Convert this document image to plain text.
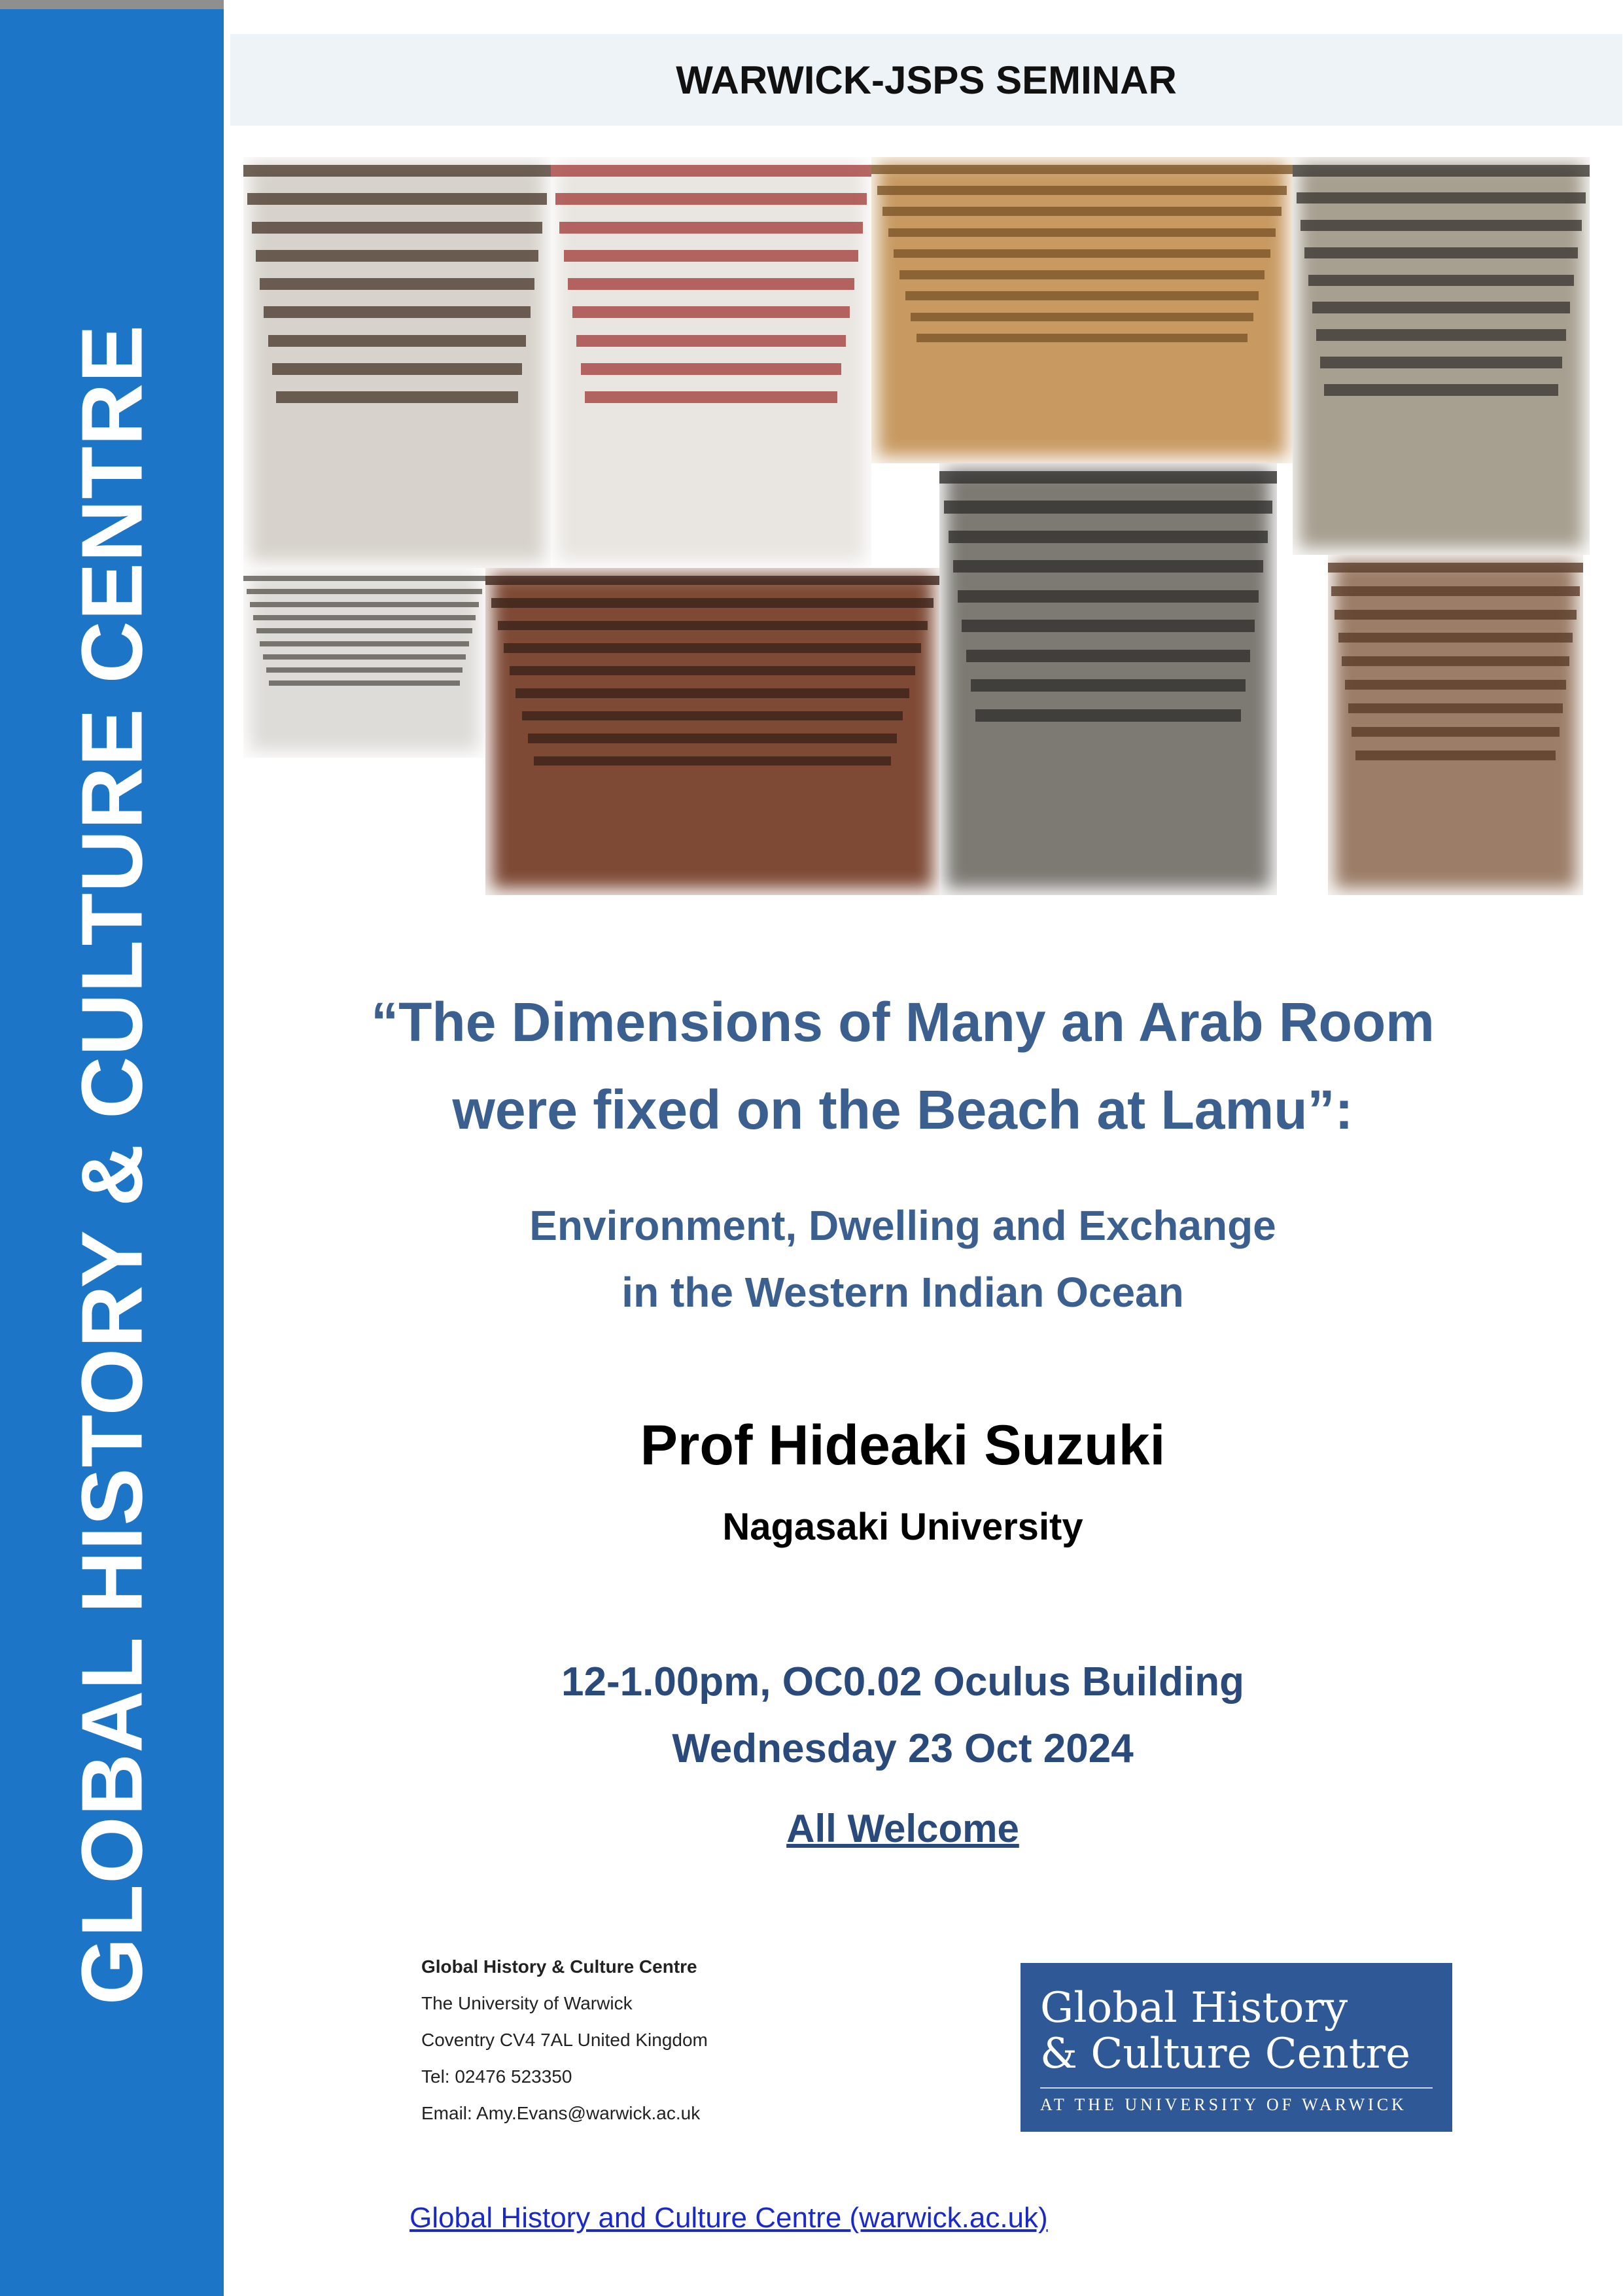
GLOBAL HISTORY & CULTURE CENTRE
WARWICK-JSPS SEMINAR
“The Dimensions of Many an Arab Room
were fixed on the Beach at Lamu”:
Environment, Dwelling and Exchange
in the Western Indian Ocean
Prof Hideaki Suzuki
Nagasaki University
12-1.00pm, OC0.02 Oculus Building
Wednesday 23 Oct 2024
All Welcome
Global History & Culture Centre
The University of Warwick
Coventry CV4 7AL United Kingdom
Tel: 02476 523350
Email: Amy.Evans@warwick.ac.uk
Global History
& Culture Centre
AT THE UNIVERSITY OF WARWICK
Global History and Culture Centre (warwick.ac.uk)
